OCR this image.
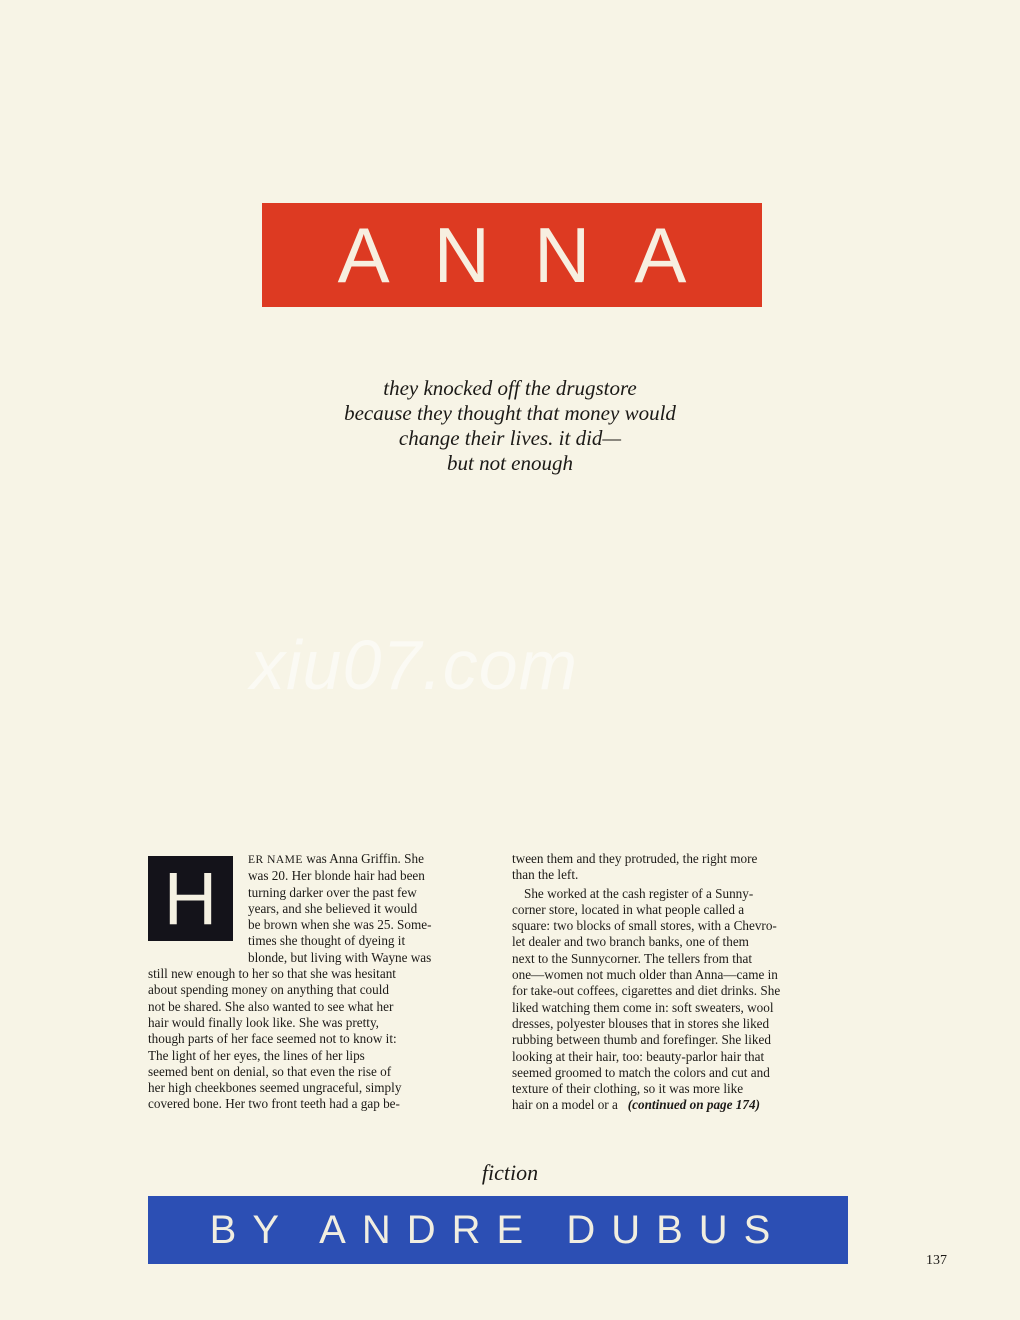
ANNA
they knocked off the drugstore
because they thought that money would
change their lives. it did—
but not enough
xiu07.com
H	ER NAME was Anna Griffin. She
was 20. Her blonde hair had been
turning darker over the past few
years, and she believed it would
be brown when she was 25. Some-
times she thought of dyeing it
blonde, but living with Wayne was
still new enough to her so that she was hesitant
about spending money on anything that could
not be shared. She also wanted to see what her
hair would finally look like. She was pretty,
though parts of her face seemed not to know it:
The light of her eyes, the lines of her lips
seemed bent on denial, so that even the rise of
her high cheekbones seemed ungraceful, simply
covered bone. Her two front teeth had a gap be-
tween them and they protruded, the right more
than the left.
She worked at the cash register of a Sunny-
corner store, located in what people called a
square: two blocks of small stores, with a Chevro-
let dealer and two branch banks, one of them
next to the Sunnycorner. The tellers from that
one—women not much older than Anna—came in
for take-out coffees, cigarettes and diet drinks. She
liked watching them come in: soft sweaters, wool
dresses, polyester blouses that in stores she liked
rubbing between thumb and forefinger. She liked
looking at their hair, too: beauty-parlor hair that
seemed groomed to match the colors and cut and
texture of their clothing, so it was more like
hair on a model or a (continued on page 174)
fiction
BY ANDRE DUBUS
137
